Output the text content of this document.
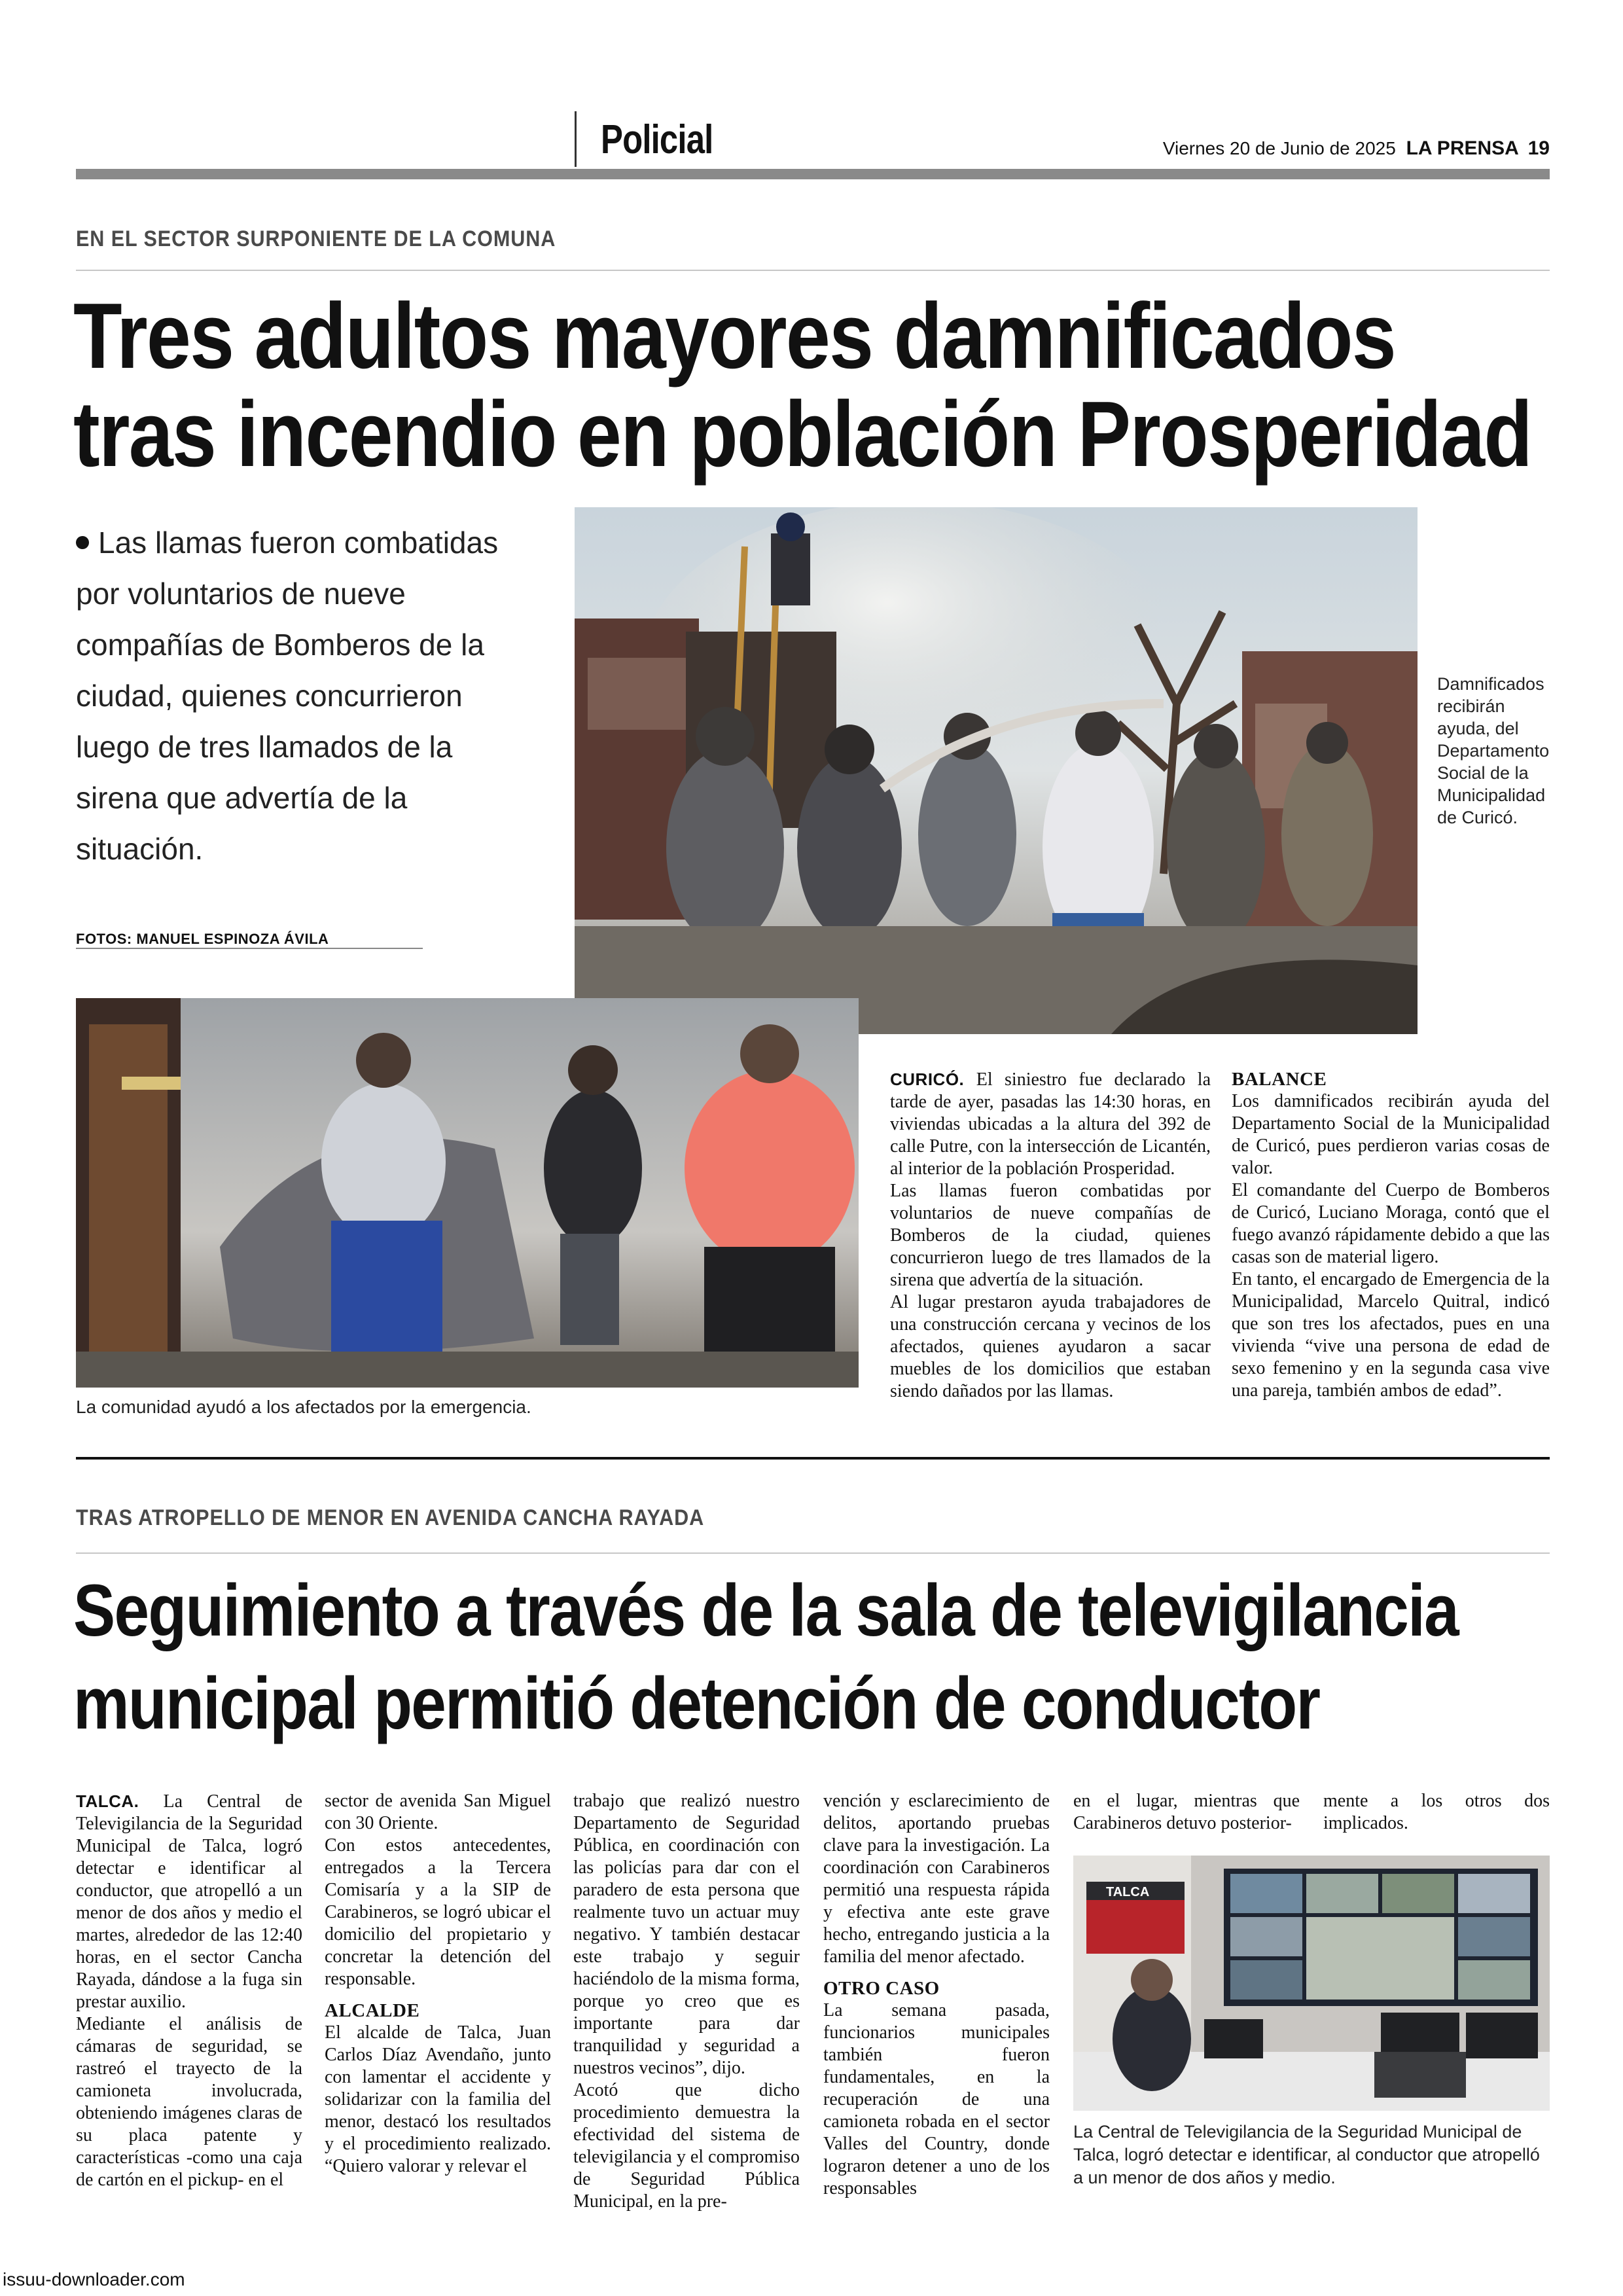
Policial	Viernes 20 de Junio de 2025 LA PRENSA 19
EN EL SECTOR SURPONIENTE DE LA COMUNA
Tres adultos mayores damnificados
tras incendio en población Prosperidad
Las llamas fueron combatidas por voluntarios de nueve compañías de Bomberos de la ciudad, quienes concurrieron luego de tres llamados de la sirena que advertía de la situación.
FOTOS: MANUEL ESPINOZA ÁVILA
Damnificados recibirán ayuda, del Departamento Social de la Municipalidad de Curicó.
La comunidad ayudó a los afectados por la emergencia.

CURICÓ. El siniestro fue declarado la tarde de ayer, pasadas las 14:30 horas, en viviendas ubicadas a la altura del 392 de calle Putre, con la intersección de Licantén, al interior de la población Prosperidad.

Las llamas fueron combatidas por voluntarios de nueve compañías de Bomberos de la ciudad, quienes concurrieron luego de tres llamados de la sirena que advertía de la situación.

Al lugar prestaron ayuda trabajadores de una construcción cercana y vecinos de los afectados, quienes ayudaron a sacar muebles de los domicilios que estaban siendo dañados por las llamas.

BALANCE

Los damnificados recibirán ayuda del Departamento Social de la Municipalidad de Curicó, pues perdieron varias cosas de valor.

El comandante del Cuerpo de Bomberos de Curicó, Luciano Moraga, contó que el fuego avanzó rápidamente debido a que las casas son de material ligero.

En tanto, el encargado de Emergencia de la Municipalidad, Marcelo Quitral, indicó que son tres los afectados, pues en una vivienda “vive una persona de edad de sexo femenino y en la segunda casa vive una pareja, también ambos de edad”.

TRAS ATROPELLO DE MENOR EN AVENIDA CANCHA RAYADA
Seguimiento a través de la sala de televigilancia
municipal permitió detención de conductor

TALCA. La Central de Televigilancia de la Seguridad Municipal de Talca, logró detectar e identificar al conductor, que atropelló a un menor de dos años y medio el martes, alrededor de las 12:40 horas, en el sector Cancha Rayada, dándose a la fuga sin prestar auxilio.

Mediante el análisis de cámaras de seguridad, se rastreó el trayecto de la camioneta involucrada, obteniendo imágenes claras de su placa patente y características -como una caja de cartón en el pickup- en el

sector de avenida San Miguel con 30 Oriente.

Con estos antecedentes, entregados a la Tercera Comisaría y a la SIP de Carabineros, se logró ubicar el domicilio del propietario y concretar la detención del responsable.

ALCALDE

El alcalde de Talca, Juan Carlos Díaz Avendaño, junto con lamentar el accidente y solidarizar con la familia del menor, destacó los resultados y el procedimiento realizado. “Quiero valorar y relevar el

trabajo que realizó nuestro Departamento de Seguridad Pública, en coordinación con las policías para dar con el paradero de esta persona que realmente tuvo un actuar muy negativo. Y también destacar este trabajo y seguir haciéndolo de la misma forma, porque yo creo que es importante para dar tranquilidad y seguridad a nuestros vecinos”, dijo.

Acotó que dicho procedimiento demuestra la efectividad del sistema de televigilancia y el compromiso de Seguridad Pública Municipal, en la pre-

vención y esclarecimiento de delitos, aportando pruebas clave para la investigación. La coordinación con Carabineros permitió una respuesta rápida y efectiva ante este grave hecho, entregando justicia a la familia del menor afectado.

OTRO CASO

La semana pasada, funcionarios municipales también fueron fundamentales, en la recuperación de una camioneta robada en el sector Valles del Country, donde lograron detener a uno de los responsables

en el lugar, mientras que Carabineros detuvo posterior-

mente a los otros dos implicados.

TALCA
La Central de Televigilancia de la Seguridad Municipal de Talca, logró detectar e identificar, al conductor que atropelló a un menor de dos años y medio.
issuu-downloader.com
